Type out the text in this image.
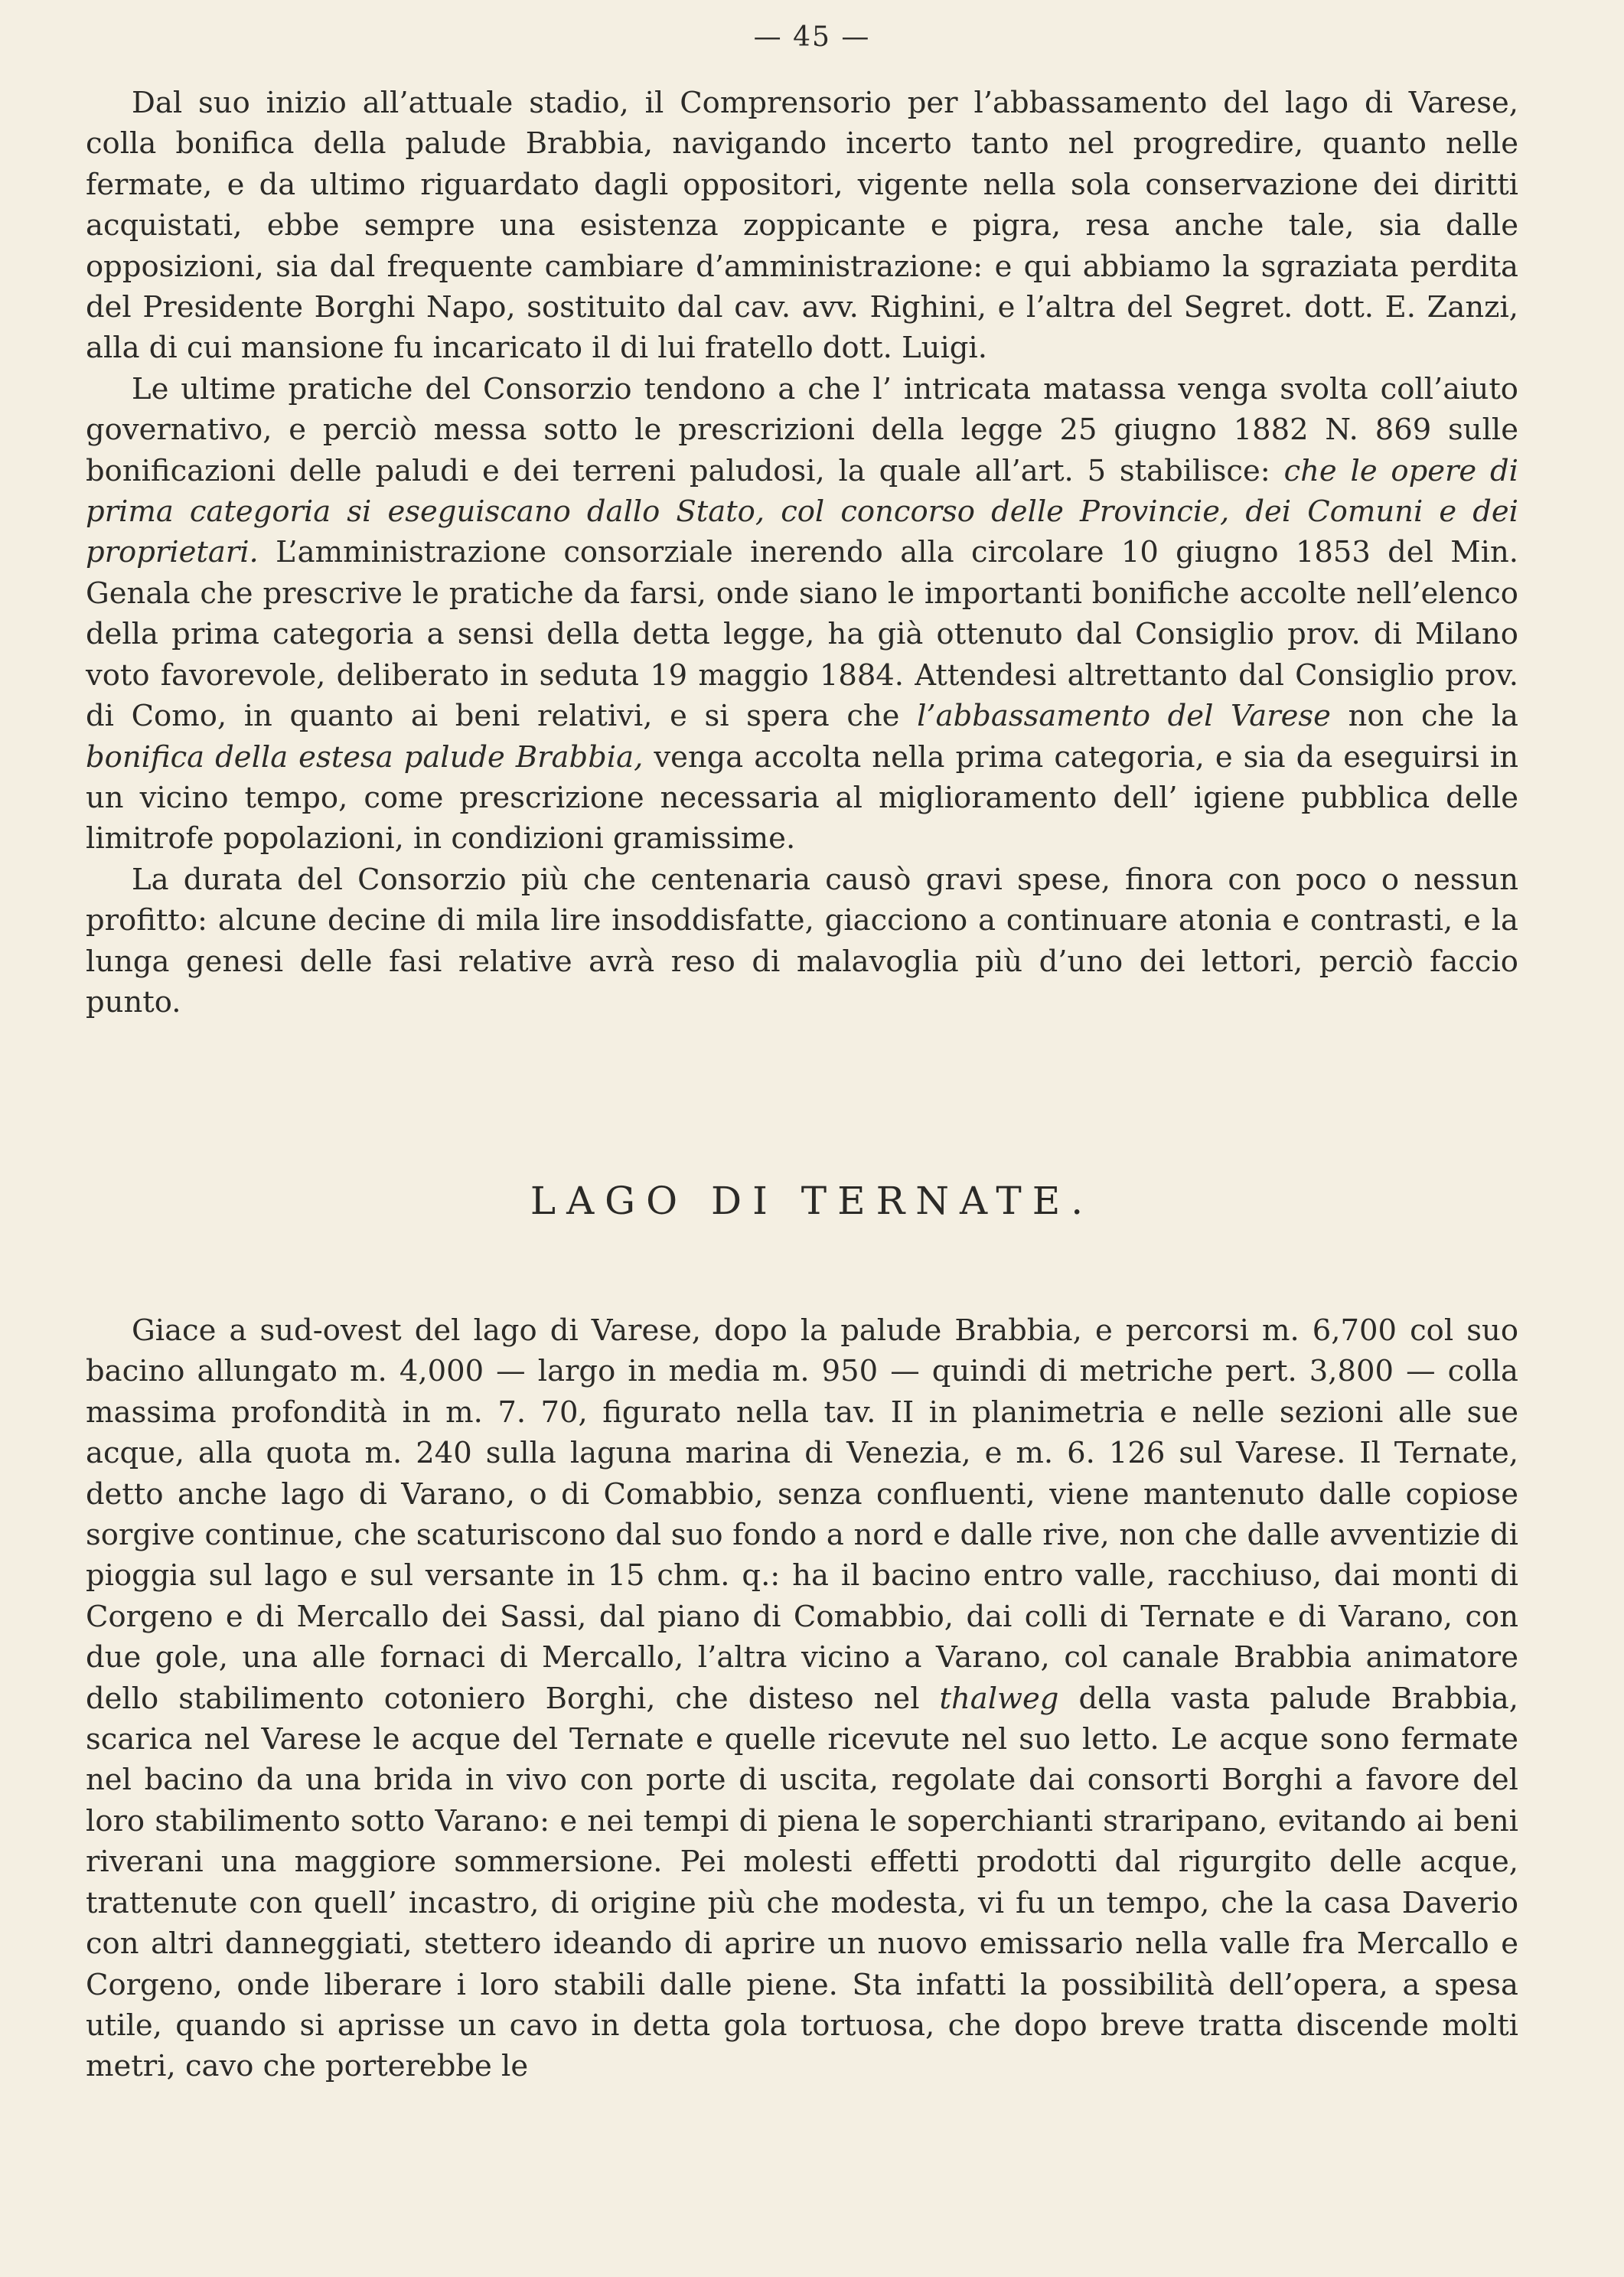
— 45 —

Dal suo inizio all’attuale stadio, il Comprensorio per l’abbassamento del lago di Varese, colla bonifica della palude Brabbia, navigando incerto tanto nel progredire, quanto nelle fermate, e da ultimo riguardato dagli oppositori, vigente nella sola conservazione dei diritti acquistati, ebbe sempre una esistenza zoppicante e pigra, resa anche tale, sia dalle opposizioni, sia dal frequente cambiare d’amministrazione: e qui abbiamo la sgraziata perdita del Presidente Borghi Napo, sostituito dal cav. avv. Righini, e l’altra del Segret. dott. E. Zanzi, alla di cui mansione fu incaricato il di lui fratello dott. Luigi.

Le ultime pratiche del Consorzio tendono a che l’ intricata matassa venga svolta coll’aiuto governativo, e perciò messa sotto le prescrizioni della legge 25 giugno 1882 N. 869 sulle bonificazioni delle paludi e dei terreni paludosi, la quale all’art. 5 stabilisce: che le opere di prima categoria si eseguiscano dallo Stato, col concorso delle Provincie, dei Comuni e dei proprietari. L’amministrazione consorziale inerendo alla circolare 10 giugno 1853 del Min. Genala che prescrive le pratiche da farsi, onde siano le importanti bonifiche accolte nell’elenco della prima categoria a sensi della detta legge, ha già ottenuto dal Consiglio prov. di Milano voto favorevole, deliberato in seduta 19 maggio 1884. Attendesi altrettanto dal Consiglio prov. di Como, in quanto ai beni relativi, e si spera che l’abbassamento del Varese non che la bonifica della estesa palude Brabbia, venga accolta nella prima categoria, e sia da eseguirsi in un vicino tempo, come prescrizione necessaria al miglioramento dell’ igiene pubblica delle limitrofe popolazioni, in condizioni gramissime.

La durata del Consorzio più che centenaria causò gravi spese, finora con poco o nessun profitto: alcune decine di mila lire insoddisfatte, giacciono a continuare atonia e contrasti, e la lunga genesi delle fasi relative avrà reso di malavoglia più d’uno dei lettori, perciò faccio punto.

LAGO DI TERNATE.

Giace a sud-ovest del lago di Varese, dopo la palude Brabbia, e percorsi m. 6,700 col suo bacino allungato m. 4,000 — largo in media m. 950 — quindi di metriche pert. 3,800 — colla massima profondità in m. 7. 70, figurato nella tav. II in planimetria e nelle sezioni alle sue acque, alla quota m. 240 sulla laguna marina di Venezia, e m. 6. 126 sul Varese. Il Ternate, detto anche lago di Varano, o di Comabbio, senza confluenti, viene mantenuto dalle copiose sorgive continue, che scaturiscono dal suo fondo a nord e dalle rive, non che dalle avventizie di pioggia sul lago e sul versante in 15 chm. q.: ha il bacino entro valle, racchiuso, dai monti di Corgeno e di Mercallo dei Sassi, dal piano di Comabbio, dai colli di Ternate e di Varano, con due gole, una alle fornaci di Mercallo, l’altra vicino a Varano, col canale Brabbia animatore dello stabilimento cotoniero Borghi, che disteso nel thalweg della vasta palude Brabbia, scarica nel Varese le acque del Ternate e quelle ricevute nel suo letto. Le acque sono fermate nel bacino da una brida in vivo con porte di uscita, regolate dai consorti Borghi a favore del loro stabilimento sotto Varano: e nei tempi di piena le soperchianti straripano, evitando ai beni riverani una maggiore sommersione. Pei molesti effetti prodotti dal rigurgito delle acque, trattenute con quell’ incastro, di origine più che modesta, vi fu un tempo, che la casa Daverio con altri danneggiati, stettero ideando di aprire un nuovo emissario nella valle fra Mercallo e Corgeno, onde liberare i loro stabili dalle piene. Sta infatti la possibilità dell’opera, a spesa utile, quando si aprisse un cavo in detta gola tortuosa, che dopo breve tratta discende molti metri, cavo che porterebbe le
